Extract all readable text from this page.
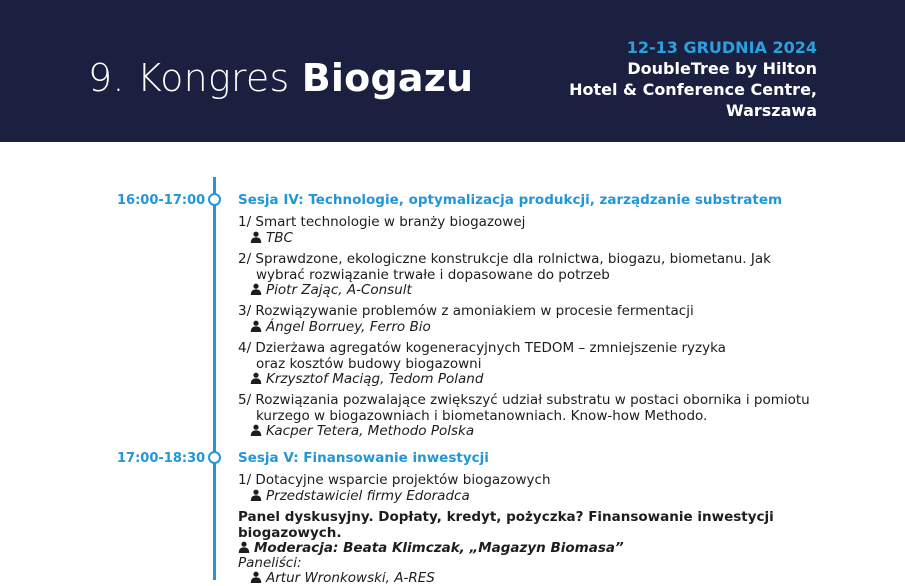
9. Kongres Biogazu
12-13 GRUDNIA 2024
DoubleTree by Hilton
Hotel & Conference Centre,
Warszawa
16:00-17:00 Sesja IV: Technologie, optymalizacja produkcji, zarządzanie substratem
1/ Smart technologie w branży biogazowej
TBC
2/ Sprawdzone, ekologiczne konstrukcje dla rolnictwa, biogazu, biometanu. Jak
wybrać rozwiązanie trwałe i dopasowane do potrzeb
Piotr Zając, A-Consult
3/ Rozwiązywanie problemów z amoniakiem w procesie fermentacji
Ángel Borruey, Ferro Bio
4/ Dzierżawa agregatów kogeneracyjnych TEDOM – zmniejszenie ryzyka
oraz kosztów budowy biogazowni
Krzysztof Maciąg, Tedom Poland
5/ Rozwiązania pozwalające zwiększyć udział substratu w postaci obornika i pomiotu
kurzego w biogazowniach i biometanowniach. Know-how Methodo.
Kacper Tetera, Methodo Polska
17:00-18:30 Sesja V: Finansowanie inwestycji
1/ Dotacyjne wsparcie projektów biogazowych
Przedstawiciel firmy Edoradca
Panel dyskusyjny. Dopłaty, kredyt, pożyczka? Finansowanie inwestycji
biogazowych.
Moderacja: Beata Klimczak, „Magazyn Biomasa”
Paneliści:
Artur Wronkowski, A-RES
